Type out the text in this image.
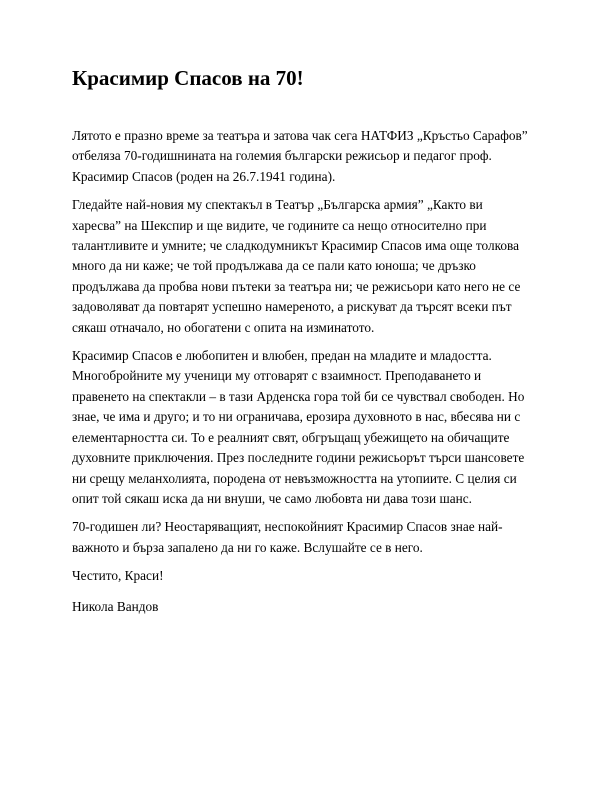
Красимир Спасов на 70!

Лятото е празно време за театъра и затова чак сега НАТФИЗ „Кръстьо Сарафов” отбеляза 70-годишнината на големия български режисьор и педагог проф. Красимир Спасов (роден на 26.7.1941 година).

Гледайте най-новия му спектакъл в Театър „Българска армия” „Както ви харесва” на Шекспир и ще видите, че годините са нещо относително при талантливите и умните; че сладкодумникът Красимир Спасов има още толкова много да ни каже; че той продължава да се пали като юноша; че дръзко продължава да пробва нови пътеки за театъра ни; че режисьори като него не се задоволяват да повтарят успешно намереното, а рискуват да търсят всеки път сякаш отначало, но обогатени с опита на изминатото.

Красимир Спасов е любопитен и влюбен, предан на младите и младостта. Многобройните му ученици му отговарят с взаимност. Преподаването и правенето на спектакли – в тази Арденска гора той би се чувствал свободен. Но знае, че има и друго; и то ни ограничава, ерозира духовното в нас, вбесява ни с елементарността си. То е реалният свят, обгръщащ убежището на обичащите духовните приключения. През последните години режисьорът търси шансовете ни срещу меланхолията, породена от невъзможността на утопиите. С целия си опит той сякаш иска да ни внуши, че само любовта ни дава този шанс.

70-годишен ли? Неостаряващият, неспокойният Красимир Спасов знае най-важното и бърза запалено да ни го каже. Вслушайте се в него.

Честито, Краси!

Никола Вандов
